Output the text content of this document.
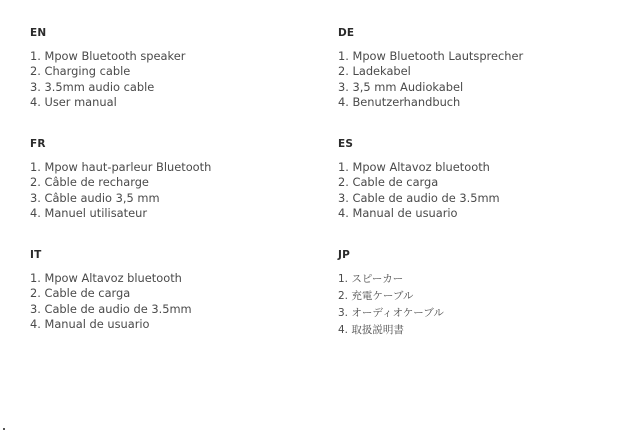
EN
1. Mpow Bluetooth speaker
2. Charging cable
3. 3.5mm audio cable
4. User manual
DE
1. Mpow Bluetooth Lautsprecher
2. Ladekabel
3. 3,5 mm Audiokabel
4. Benutzerhandbuch
FR
1. Mpow haut-parleur Bluetooth
2. Câble de recharge
3. Câble audio 3,5 mm
4. Manuel utilisateur
ES
1. Mpow Altavoz bluetooth
2. Cable de carga
3. Cable de audio de 3.5mm
4. Manual de usuario
IT
1. Mpow Altavoz bluetooth
2. Cable de carga
3. Cable de audio de 3.5mm
4. Manual de usuario
JP
1. スピーカー
2. 充電ケーブル
3. オーディオケーブル
4. 取扱説明書
